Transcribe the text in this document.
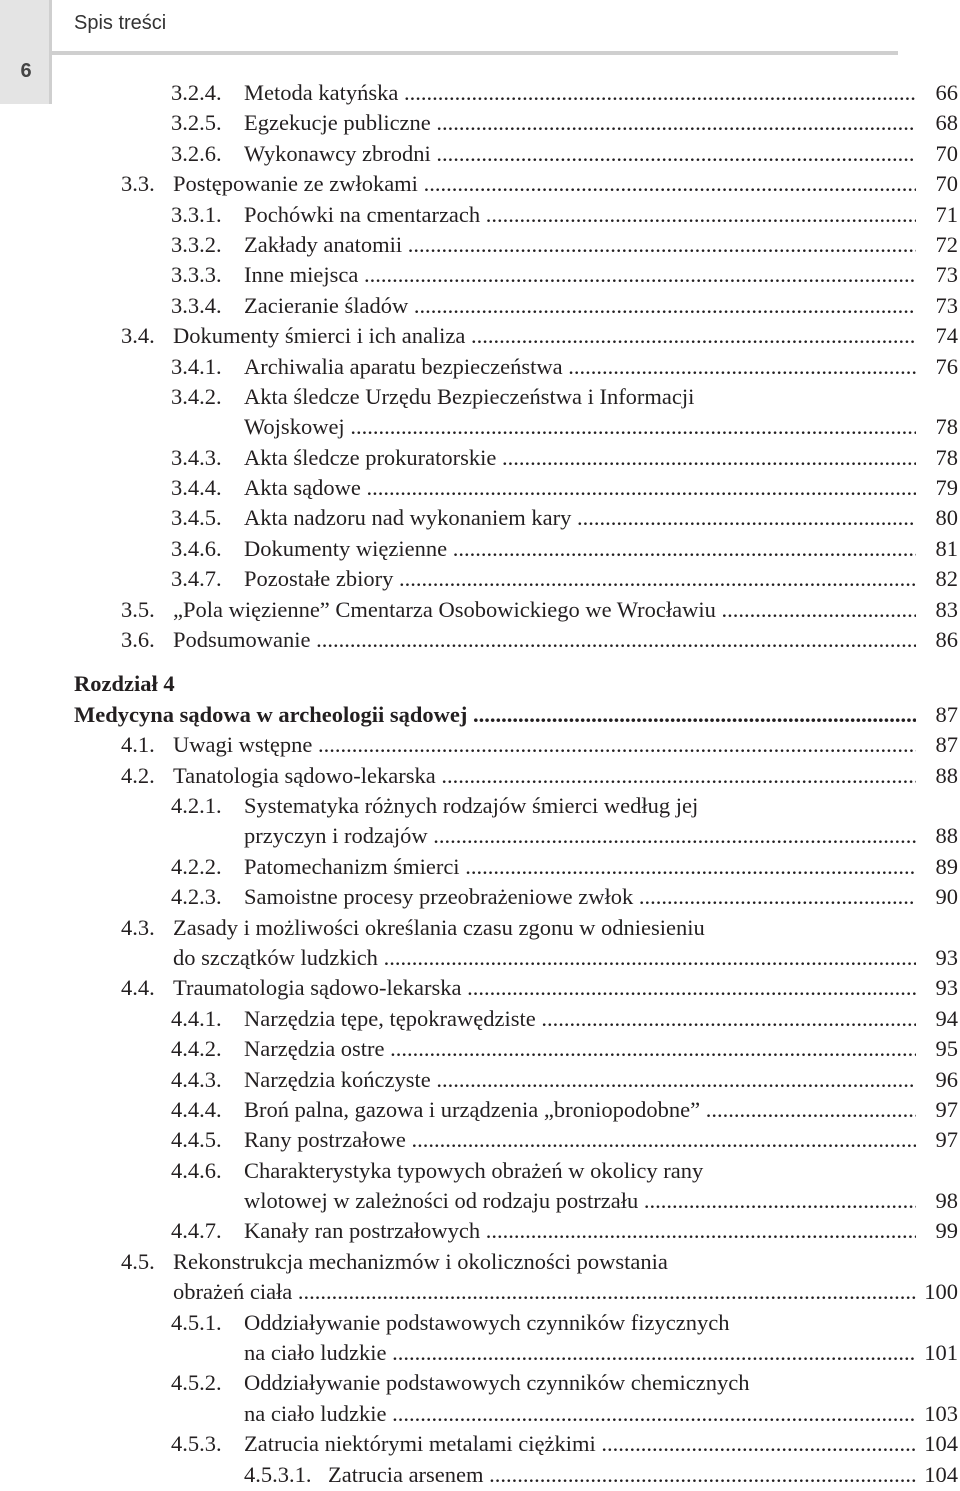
6
Spis treści
3.2.4. Metoda katyńska .....	66
3.2.5. Egzekucje publiczne .....	68
3.2.6. Wykonawcy zbrodni .....	70
3.3. Postępowanie ze zwłokami .....	70
3.3.1. Pochówki na cmentarzach .....	71
3.3.2. Zakłady anatomii .....	72
3.3.3. Inne miejsca .....	73
3.3.4. Zacieranie śladów .....	73
3.4. Dokumenty śmierci i ich analiza .....	74
3.4.1. Archiwalia aparatu bezpieczeństwa .....	76
3.4.2. Akta śledcze Urzędu Bezpieczeństwa i Informacji
Wojskowej .....	78
3.4.3. Akta śledcze prokuratorskie .....	78
3.4.4. Akta sądowe .....	79
3.4.5. Akta nadzoru nad wykonaniem kary .....	80
3.4.6. Dokumenty więzienne .....	81
3.4.7. Pozostałe zbiory .....	82
3.5. „Pola więzienne” Cmentarza Osobowickiego we Wrocławiu .....	83
3.6. Podsumowanie .....	86
Rozdział 4
Medycyna sądowa w archeologii sądowej .....	87
4.1. Uwagi wstępne .....	87
4.2. Tanatologia sądowo-lekarska .....	88
4.2.1. Systematyka różnych rodzajów śmierci według jej
przyczyn i rodzajów .....	88
4.2.2. Patomechanizm śmierci .....	89
4.2.3. Samoistne procesy przeobrażeniowe zwłok .....	90
4.3. Zasady i możliwości określania czasu zgonu w odniesieniu
do szczątków ludzkich .....	93
4.4. Traumatologia sądowo-lekarska .....	93
4.4.1. Narzędzia tępe, tępokrawędziste .....	94
4.4.2. Narzędzia ostre .....	95
4.4.3. Narzędzia kończyste .....	96
4.4.4. Broń palna, gazowa i urządzenia „broniopodobne” .....	97
4.4.5. Rany postrzałowe .....	97
4.4.6. Charakterystyka typowych obrażeń w okolicy rany
wlotowej w zależności od rodzaju postrzału .....	98
4.4.7. Kanały ran postrzałowych .....	99
4.5. Rekonstrukcja mechanizmów i okoliczności powstania
obrażeń ciała .....	100
4.5.1. Oddziaływanie podstawowych czynników fizycznych
na ciało ludzkie .....	101
4.5.2. Oddziaływanie podstawowych czynników chemicznych
na ciało ludzkie .....	103
4.5.3. Zatrucia niektórymi metalami ciężkimi .....	104
4.5.3.1. Zatrucia arsenem .....	104
